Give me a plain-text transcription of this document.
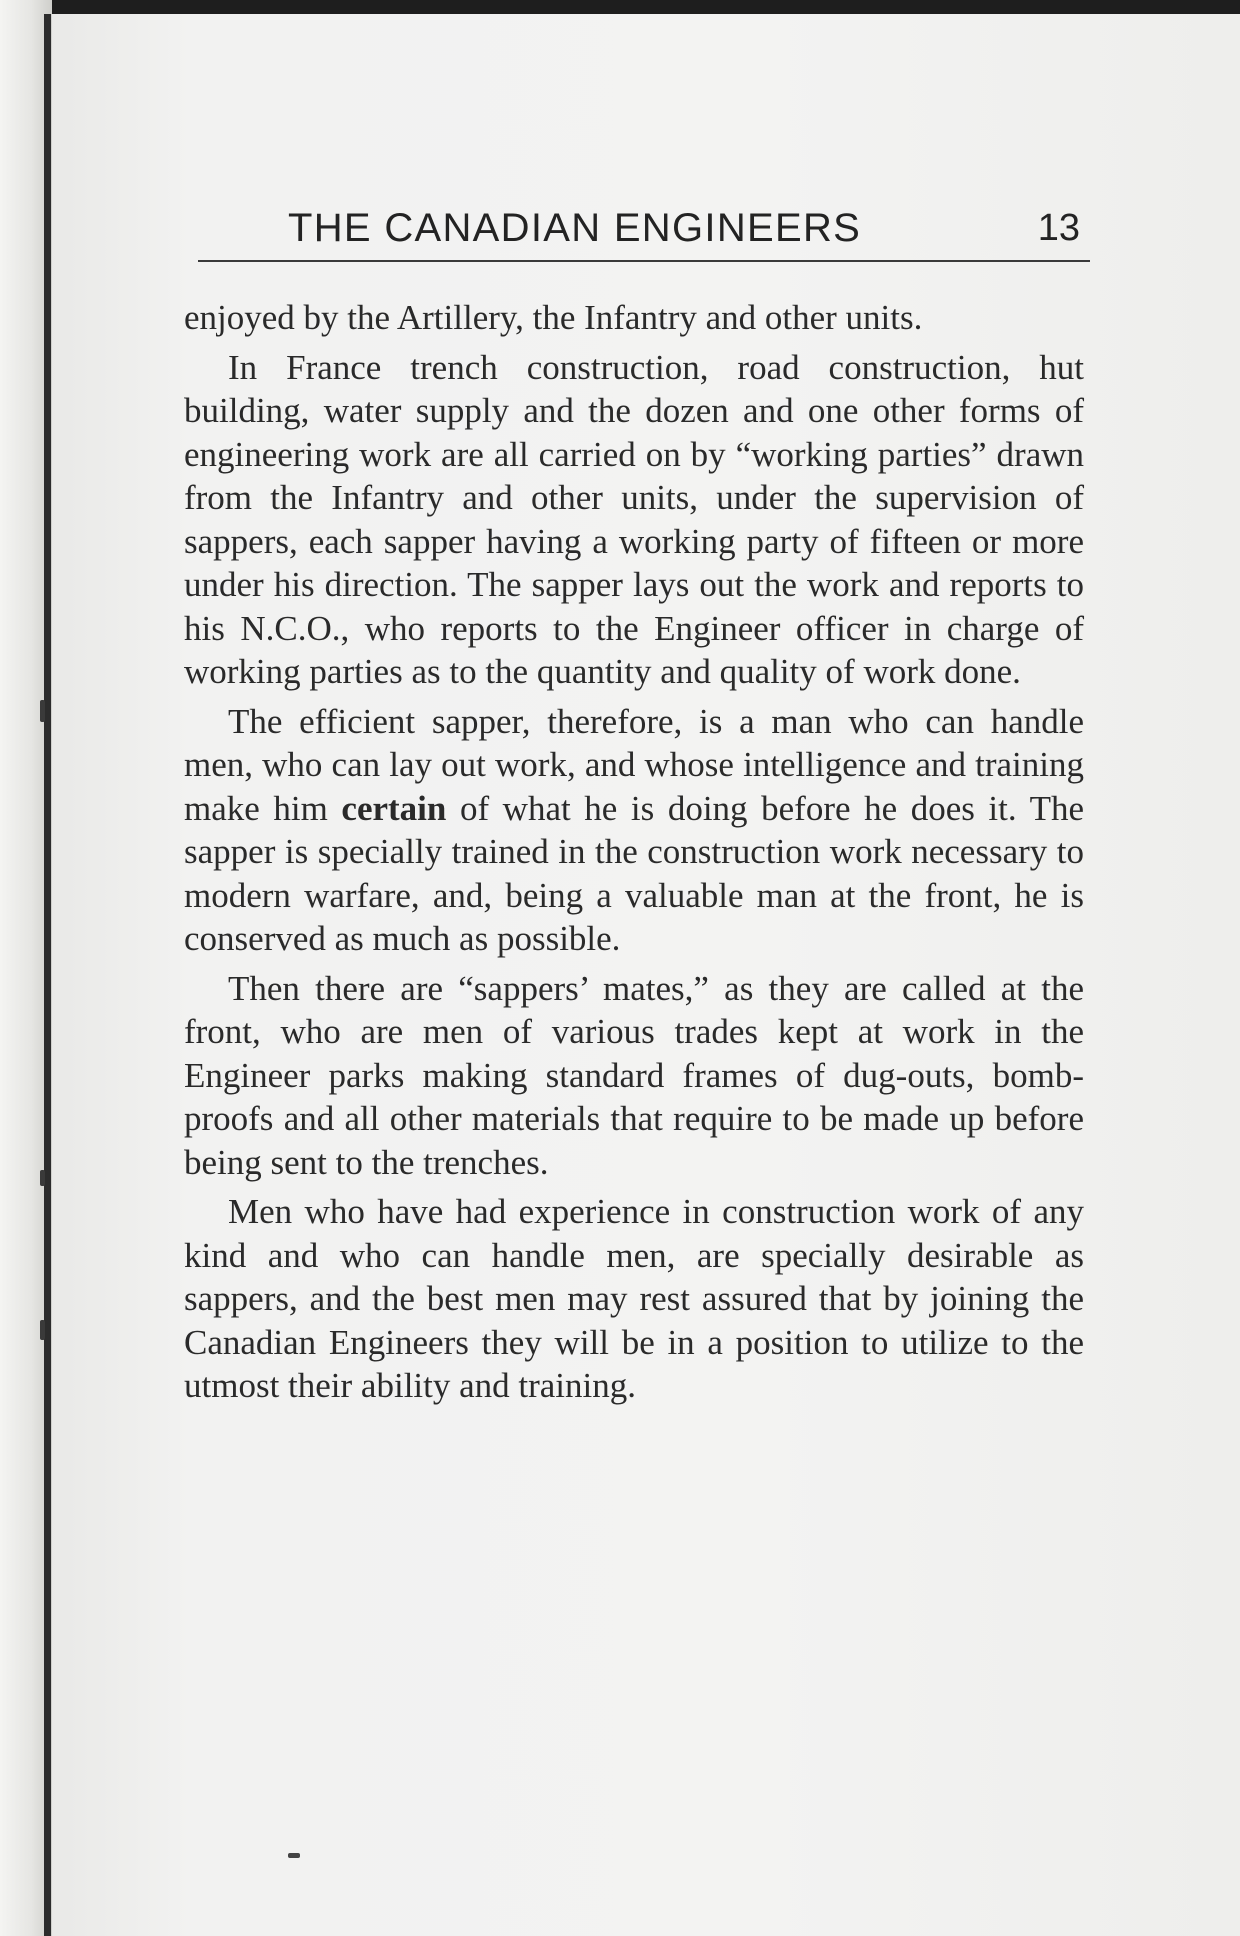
THE CANADIAN ENGINEERS	13

enjoyed by the Artillery, the Infantry and other units.

In France trench construction, road construction, hut building, water supply and the dozen and one other forms of engineering work are all carried on by “working parties” drawn from the Infantry and other units, under the supervision of sappers, each sapper having a working party of fifteen or more under his direction. The sapper lays out the work and reports to his N.C.O., who reports to the Engineer officer in charge of working parties as to the quantity and quality of work done.

The efficient sapper, therefore, is a man who can handle men, who can lay out work, and whose intelligence and training make him certain of what he is doing before he does it. The sapper is specially trained in the construction work necessary to modern warfare, and, being a valuable man at the front, he is conserved as much as possible.

Then there are “sappers’ mates,” as they are called at the front, who are men of various trades kept at work in the Engineer parks making standard frames of dug-outs, bomb-proofs and all other materials that require to be made up before being sent to the trenches.

Men who have had experience in construction work of any kind and who can handle men, are specially desirable as sappers, and the best men may rest assured that by joining the Canadian Engineers they will be in a position to utilize to the utmost their ability and training.
